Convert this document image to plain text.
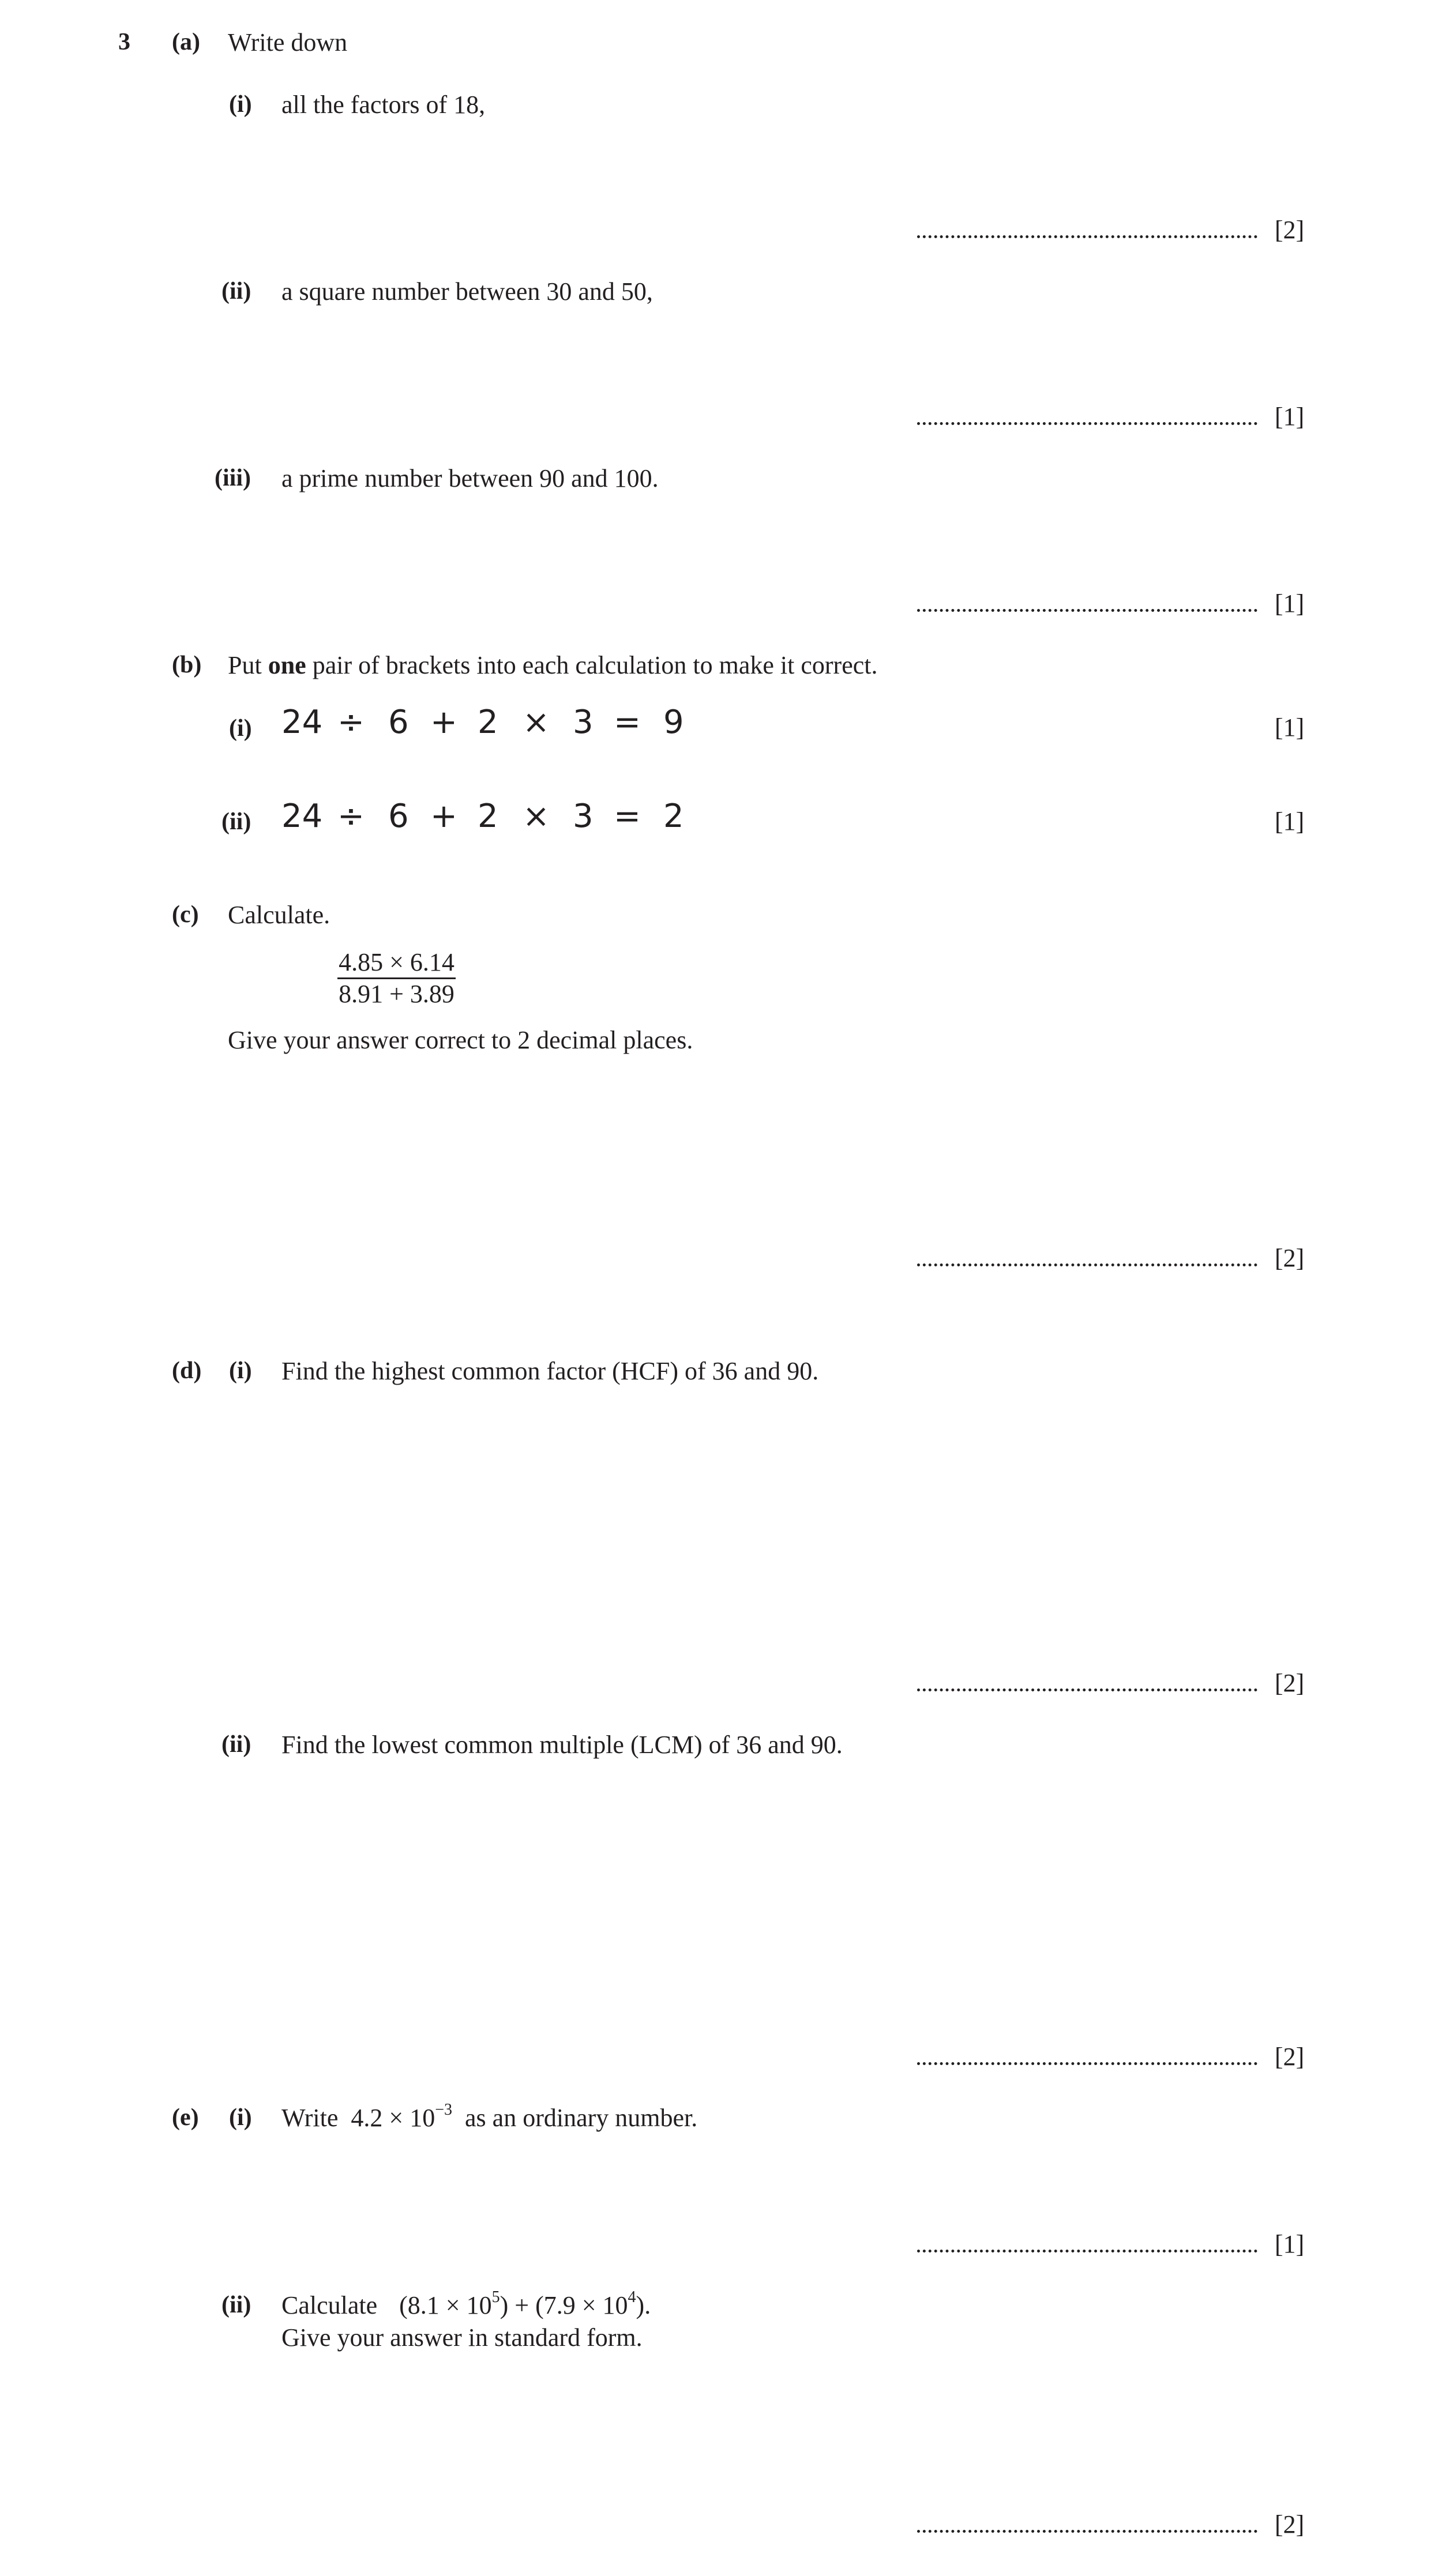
3 (a) Write down
(i) all the factors of 18,
[2]
(ii) a square number between 30 and 50,
[1]
(iii) a prime number between 90 and 100.
[1]
(b) Put one pair of brackets into each calculation to make it correct.
(i) 24 ÷ 6 + 2 × 3 = 9	[1]
(ii) 24 ÷ 6 + 2 × 3 = 2	[1]
(c) Calculate.
4.85 × 6.14
8.91 + 3.89
Give your answer correct to 2 decimal places.
[2]
(d) (i) Find the highest common factor (HCF) of 36 and 90.
[2]
(ii) Find the lowest common multiple (LCM) of 36 and 90.
[2]
(e) (i) Write  $4.2 \times 10^{-3}$  as an ordinary number.
[1]
(ii) Calculate $(8.1 \times 10^5) + (7.9 \times 10^4)$.
Give your answer in standard form.
[2]
